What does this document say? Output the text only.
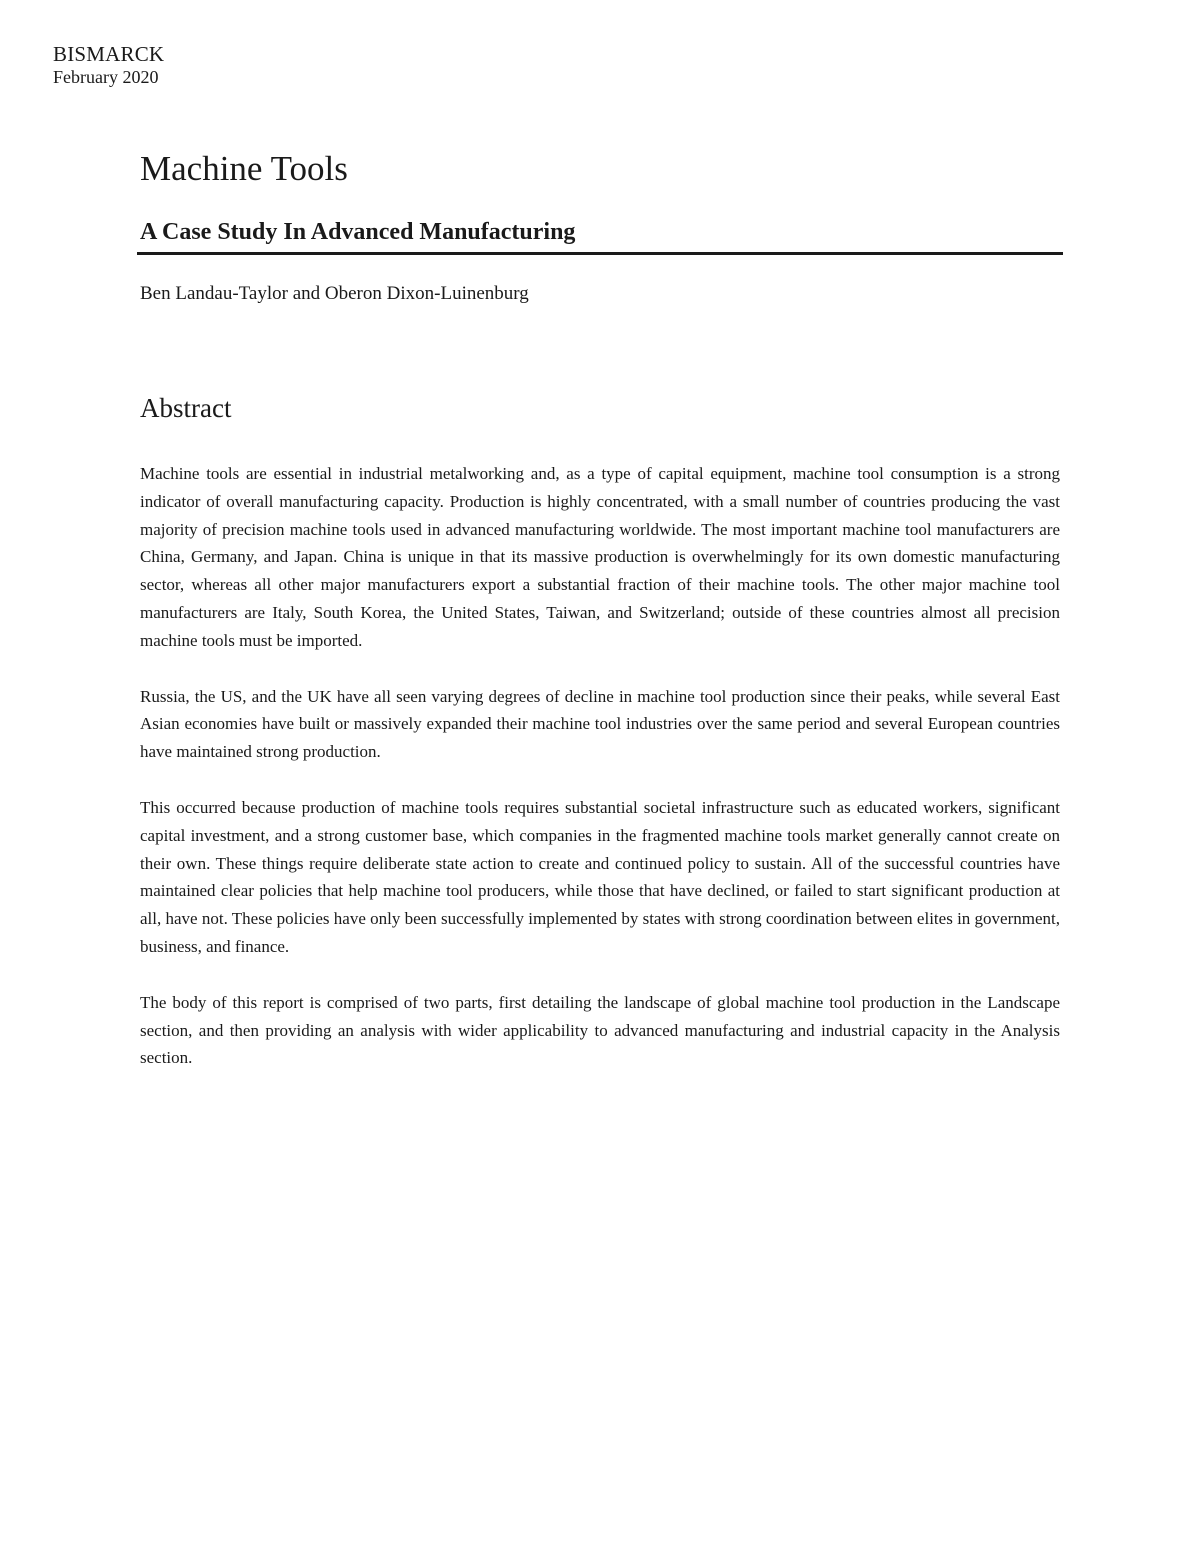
BISMARCK
February 2020
Machine Tools
A Case Study In Advanced Manufacturing
Ben Landau-Taylor and Oberon Dixon-Luinenburg
Abstract

Machine tools are essential in industrial metalworking and, as a type of capital equipment, machine tool consumption is a strong indicator of overall manufacturing capacity. Production is highly concentrated, with a small number of countries producing the vast majority of precision machine tools used in advanced manufacturing worldwide. The most important machine tool manufacturers are China, Germany, and Japan. China is unique in that its massive production is overwhelmingly for its own domestic manufacturing sector, whereas all other major manufacturers export a substantial fraction of their machine tools. The other major machine tool manufacturers are Italy, South Korea, the United States, Taiwan, and Switzerland; outside of these countries almost all precision machine tools must be imported.

Russia, the US, and the UK have all seen varying degrees of decline in machine tool production since their peaks, while several East Asian economies have built or massively expanded their machine tool industries over the same period and several European countries have maintained strong production.

This occurred because production of machine tools requires substantial societal infrastructure such as educated workers, significant capital investment, and a strong customer base, which companies in the fragmented machine tools market generally cannot create on their own. These things require deliberate state action to create and continued policy to sustain. All of the successful countries have maintained clear policies that help machine tool producers, while those that have declined, or failed to start significant production at all, have not. These policies have only been successfully implemented by states with strong coordination between elites in government, business, and finance.

The body of this report is comprised of two parts, first detailing the landscape of global machine tool production in the Landscape section, and then providing an analysis with wider applicability to advanced manufacturing and industrial capacity in the Analysis section.
